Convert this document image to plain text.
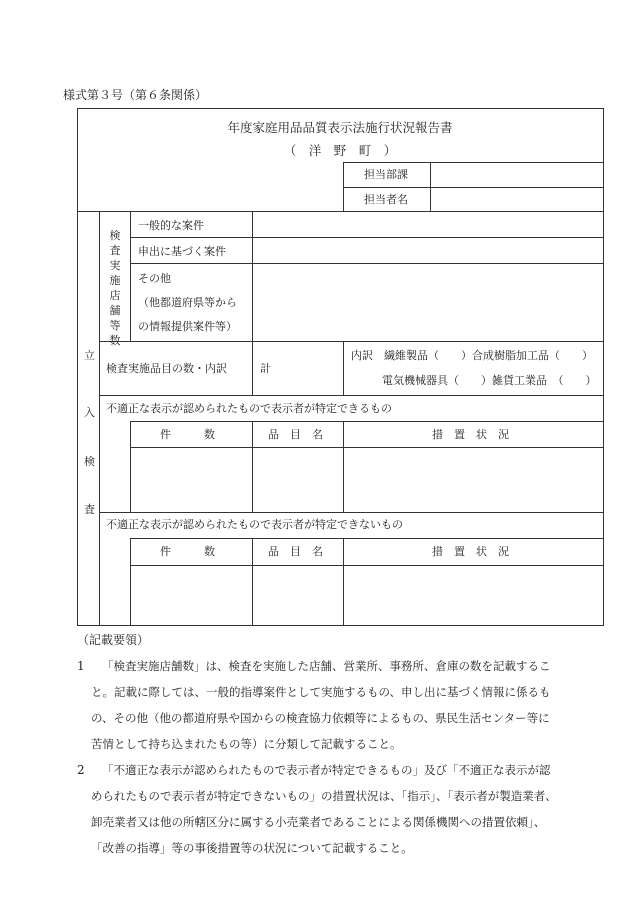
様式第３号（第６条関係）
年度家庭用品品質表示法施行状況報告書
（　洋　野　町　）
担当部課
担当者名
立
入
検
査
検査実施店舗等数
一般的な案件
申出に基づく案件
その他
（他都道府県等から
の情報提供案件等）
検査実施品目の数・内訳	計
内訳　繊維製品（　　）合成樹脂加工品（　　）
電気機械器具（　　）雑貨工業品　（　　）
不適正な表示が認められたもので表示者が特定できるもの
件　　　数	品　目　名	措　置　状　況
不適正な表示が認められたもので表示者が特定できないもの
件　　　数	品　目　名	措　置　状　況
（記載要領）
1 「検査実施店舗数」は、検査を実施した店舗、営業所、事務所、倉庫の数を記載するこ
と。記載に際しては、一般的指導案件として実施するもの、申し出に基づく情報に係るも
の、その他（他の都道府県や国からの検査協力依頼等によるもの、県民生活センター等に
苦情として持ち込まれたもの等）に分類して記載すること。
2 「不適正な表示が認められたもので表示者が特定できるもの」及び「不適正な表示が認
められたもので表示者が特定できないもの」の措置状況は、「指示」、「表示者が製造業者、
卸売業者又は他の所轄区分に属する小売業者であることによる関係機関への措置依頼」、
「改善の指導」等の事後措置等の状況について記載すること。
